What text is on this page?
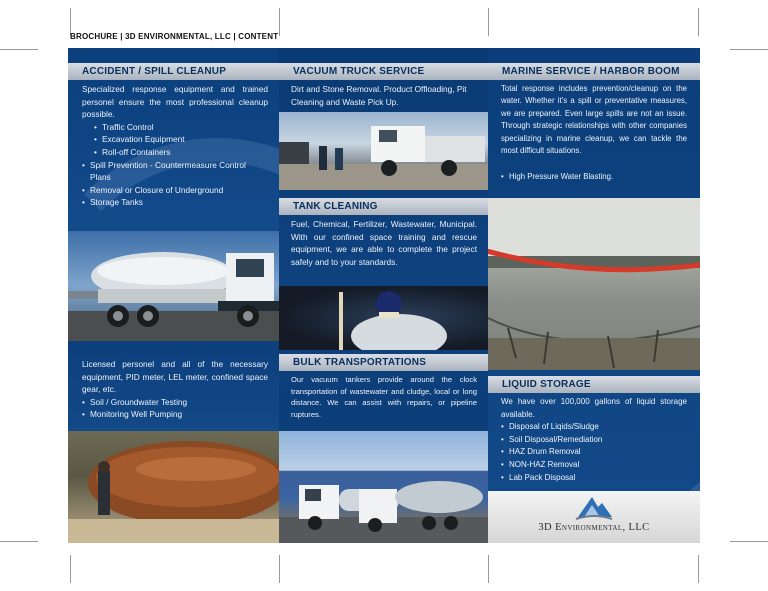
BROCHURE | 3D ENVIRONMENTAL, LLC | CONTENT
ACCIDENT / SPILL CLEANUP

Specialized response equipment and trained personel ensure the most professional cleanup possible.

• Traffic Control
• Excavation Equipment
• Roll-off Containers
• Spill Prevention - Countermeasure Control Plans
• Removal or Closure of Underground
• Storage Tanks

Licensed personel and all of the necessary equipment, PID meter, LEL meter, confined space gear, etc.

• Soil / Groundwater Testing
• Monitoring Well Pumping
VACUUM TRUCK SERVICE
Dirt and Stone Removal. Product Offloading, Pit Cleaning and Waste Pick Up.
TANK CLEANING

Fuel, Chemical, Fertilizer, Wastewater, Municipal. With our confined space training and rescue equipment, we are able to complete the project safely and to your standards.

BULK TRANSPORTATIONS

Our vacuum tankers provide around the clock transportation of wastewater and cludge, local or long distance. We can assist with repairs, or pipeline ruptures.

MARINE SERVICE / HARBOR BOOM

Total response includes prevention/cleanup on the water. Whether it's a spill or preventative measures, we are prepared. Even large spills are not an issue. Through strategic relationships with other companies specializing in marine cleanup, we can tackle the most difficult situations.

• High Pressure Water Blasting.
LIQUID STORAGE

We have over 100,000 gallons of liquid storage available.

• Disposal of Liqids/Sludge
• Soil Disposal/Remediation
• HAZ Drum Removal
• NON-HAZ Removal
• Lab Pack Disposal
3D Environmental, LLC
